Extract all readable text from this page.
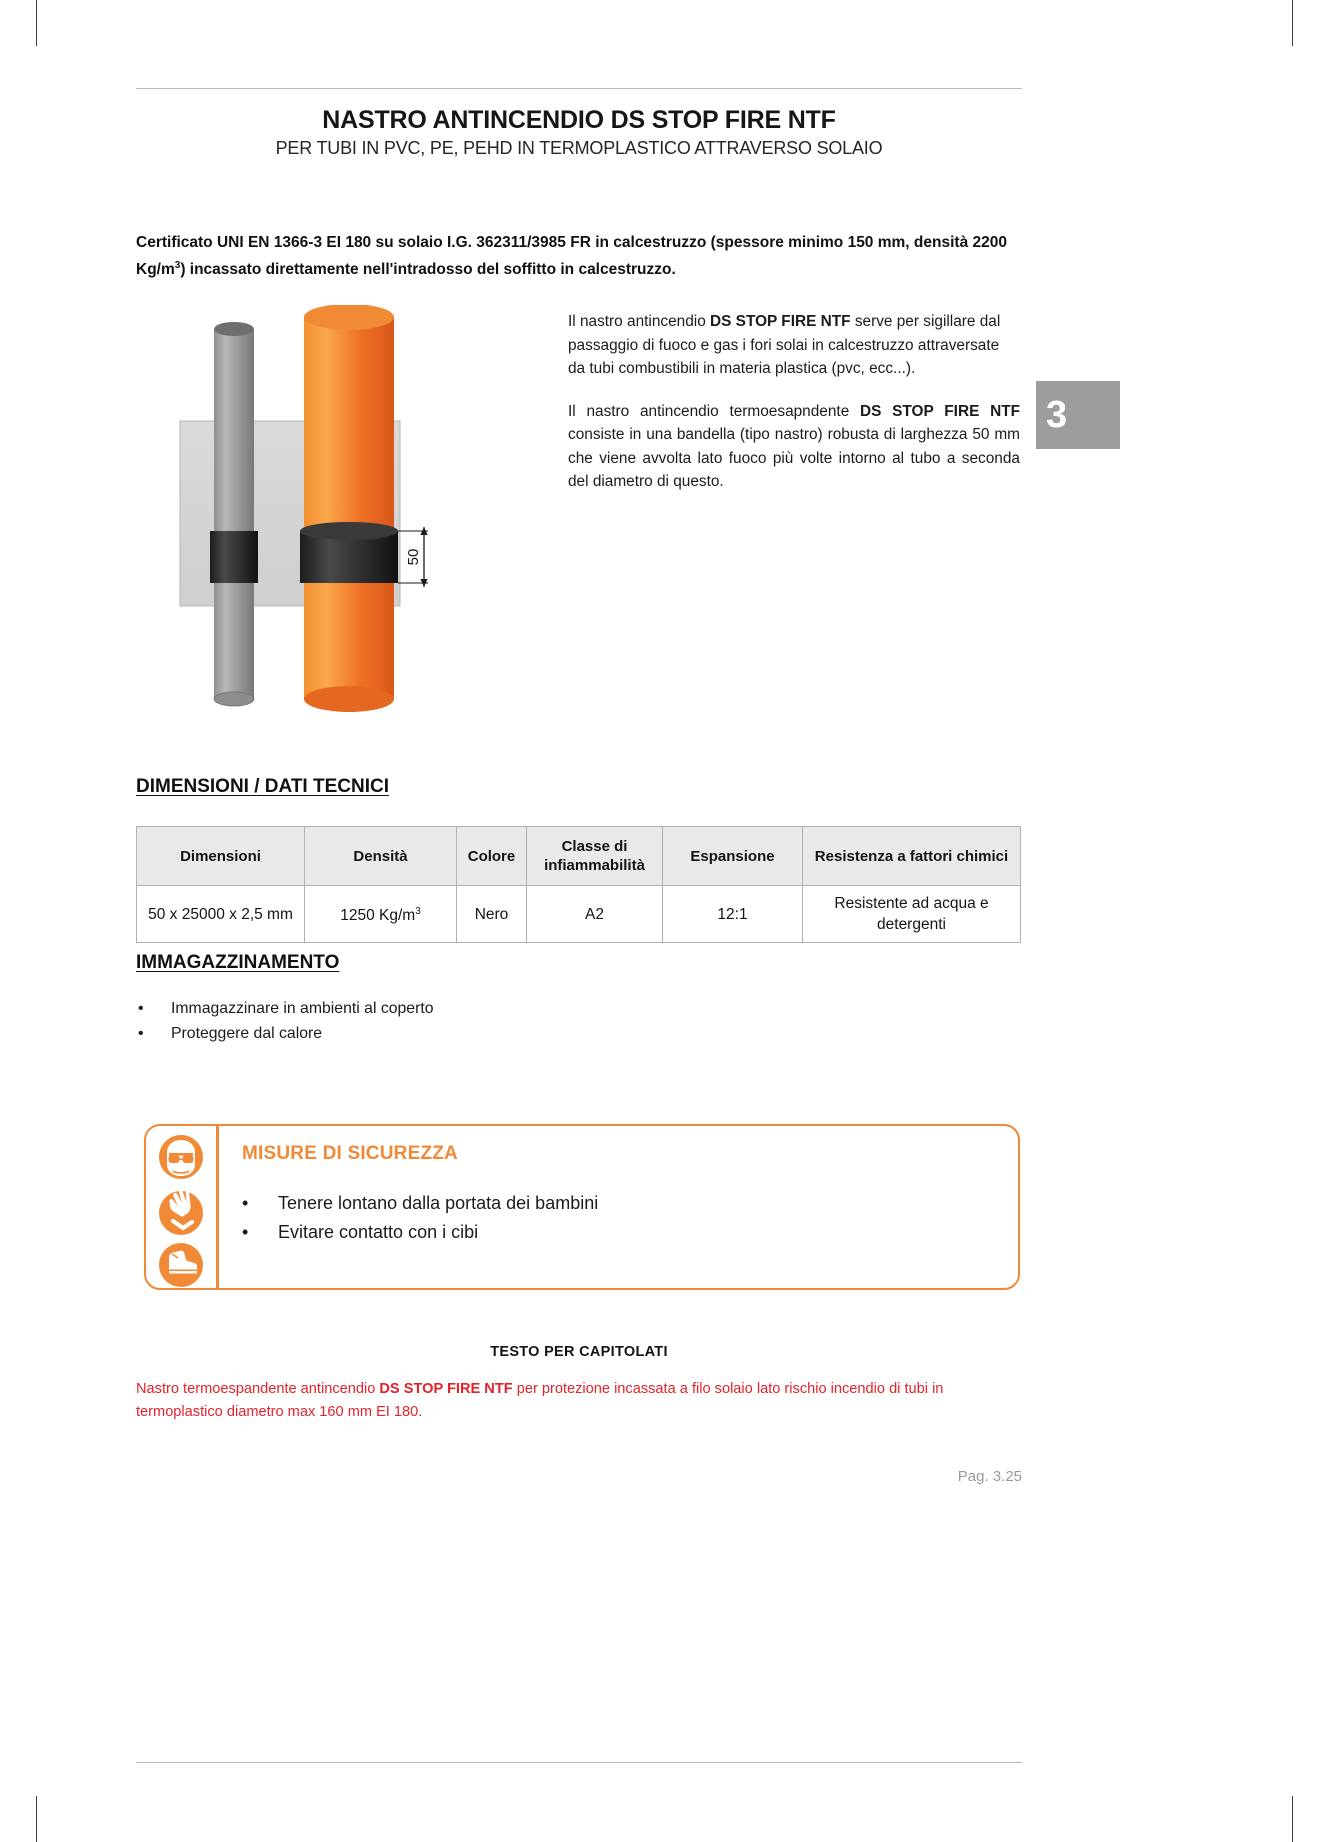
3
NASTRO ANTINCENDIO DS STOP FIRE NTF
PER TUBI IN PVC, PE, PEHD IN TERMOPLASTICO ATTRAVERSO SOLAIO
Certificato UNI EN 1366-3 EI 180 su solaio I.G. 362311/3985 FR in calcestruzzo (spessore minimo 150 mm, densità 2200 $Kg/m^3$) incassato direttamente nell'intradosso del soffitto in calcestruzzo.
50

Il nastro antincendio DS STOP FIRE NTF serve per sigillare dal passaggio di fuoco e gas i fori solai in calcestruzzo attraversate da tubi combustibili in materia plastica (pvc, ecc...).

Il nastro antincendio termoesapndente DS STOP FIRE NTF consiste in una bandella (tipo nastro) robusta di larghezza 50 mm che viene avvolta lato fuoco più volte intorno al tubo a seconda del diametro di questo.

DIMENSIONI / DATI TECNICI
Dimensioni	Densità	Colore	Classe di infiammabilità	Espansione	Resistenza a fattori chimici
50 x 25000 x 2,5 mm	1250 $Kg/m^3$	Nero	A2	12:1	Resistente ad acqua e detergenti
IMMAGAZZINAMENTO
•	Immagazzinare in ambienti al coperto
•	Proteggere dal calore
MISURE DI SICUREZZA
•	Tenere lontano dalla portata dei bambini
•	Evitare contatto con i cibi
TESTO PER CAPITOLATI
Nastro termoespandente antincendio DS STOP FIRE NTF per protezione incassata a filo solaio lato rischio incendio di tubi in termoplastico diametro max 160 mm EI 180.
Pag. 3.25
